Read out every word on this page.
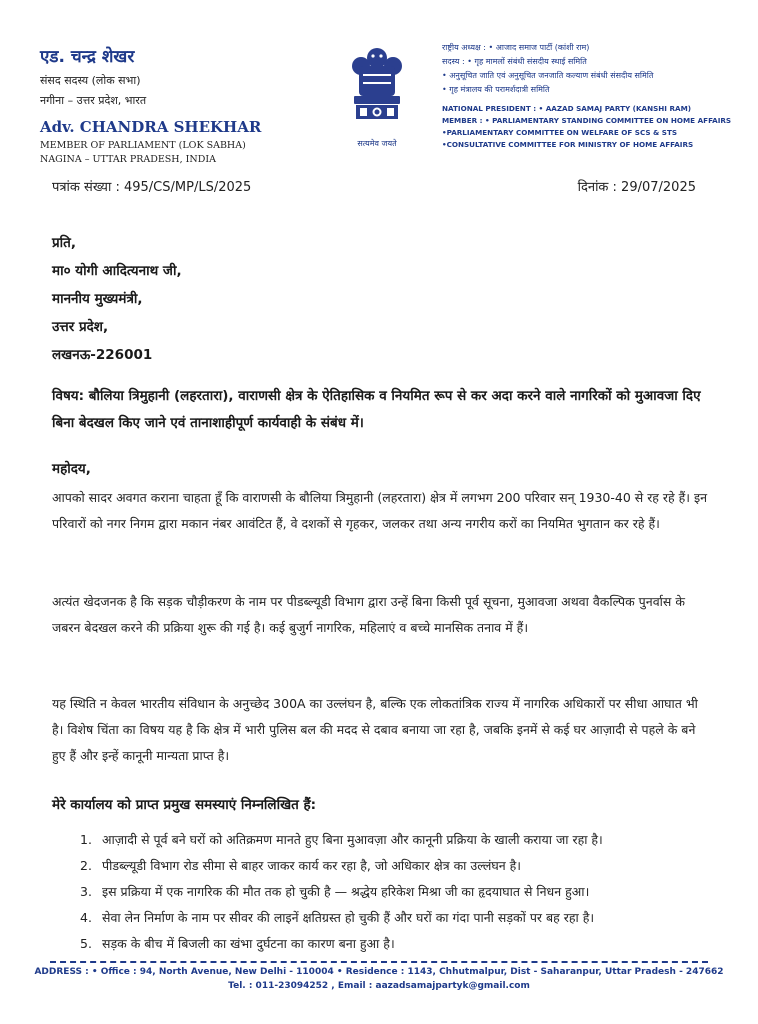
एड. चन्द्र शेखर
संसद सदस्य (लोक सभा)
नगीना – उत्तर प्रदेश, भारत
Adv. CHANDRA SHEKHAR
MEMBER OF PARLIAMENT (LOK SABHA)
NAGINA – UTTAR PRADESH, INDIA
सत्यमेव जयते
राष्ट्रीय अध्यक्ष : • आजाद समाज पार्टी (कांशी राम)
सदस्य : • गृह मामलों संबंधी संसदीय स्थाई समिति
• अनुसूचित जाति एवं अनुसूचित जनजाति कल्याण संबंधी संसदीय समिति
• गृह मंत्रालय की परामर्शदात्री समिति
NATIONAL PRESIDENT : • AAZAD SAMAJ PARTY (KANSHI RAM)
MEMBER : • PARLIAMENTARY STANDING COMMITTEE ON HOME AFFAIRS
•PARLIAMENTARY COMMITTEE ON WELFARE OF SCS & STS
•CONSULTATIVE COMMITTEE FOR MINISTRY OF HOME AFFAIRS
पत्रांक संख्या : 495/CS/MP/LS/2025	दिनांक : 29/07/2025
प्रति,
मा० योगी आदित्यनाथ जी,
माननीय मुख्यमंत्री,
उत्तर प्रदेश,
लखनऊ-226001
विषय: बौलिया त्रिमुहानी (लहरतारा), वाराणसी क्षेत्र के ऐतिहासिक व नियमित रूप से कर अदा करने वाले नागरिकों को मुआवजा दिए बिना बेदखल किए जाने एवं तानाशाहीपूर्ण कार्यवाही के संबंध में।
महोदय,
आपको सादर अवगत कराना चाहता हूँ कि वाराणसी के बौलिया त्रिमुहानी (लहरतारा) क्षेत्र में लगभग 200 परिवार सन् 1930-40 से रह रहे हैं। इन परिवारों को नगर निगम द्वारा मकान नंबर आवंटित हैं, वे दशकों से गृहकर, जलकर तथा अन्य नगरीय करों का नियमित भुगतान कर रहे हैं।
अत्यंत खेदजनक है कि सड़क चौड़ीकरण के नाम पर पीडब्ल्यूडी विभाग द्वारा उन्हें बिना किसी पूर्व सूचना, मुआवजा अथवा वैकल्पिक पुनर्वास के जबरन बेदखल करने की प्रक्रिया शुरू की गई है। कई बुजुर्ग नागरिक, महिलाएं व बच्चे मानसिक तनाव में हैं।
यह स्थिति न केवल भारतीय संविधान के अनुच्छेद 300A का उल्लंघन है, बल्कि एक लोकतांत्रिक राज्य में नागरिक अधिकारों पर सीधा आघात भी है। विशेष चिंता का विषय यह है कि क्षेत्र में भारी पुलिस बल की मदद से दबाव बनाया जा रहा है, जबकि इनमें से कई घर आज़ादी से पहले के बने हुए हैं और इन्हें कानूनी मान्यता प्राप्त है।
मेरे कार्यालय को प्राप्त प्रमुख समस्याएं निम्नलिखित हैं:
1. आज़ादी से पूर्व बने घरों को अतिक्रमण मानते हुए बिना मुआवज़ा और कानूनी प्रक्रिया के खाली कराया जा रहा है।
2. पीडब्ल्यूडी विभाग रोड सीमा से बाहर जाकर कार्य कर रहा है, जो अधिकार क्षेत्र का उल्लंघन है।
3. इस प्रक्रिया में एक नागरिक की मौत तक हो चुकी है — श्रद्धेय हरिकेश मिश्रा जी का हृदयाघात से निधन हुआ।
4. सेवा लेन निर्माण के नाम पर सीवर की लाइनें क्षतिग्रस्त हो चुकी हैं और घरों का गंदा पानी सड़कों पर बह रहा है।
5. सड़क के बीच में बिजली का खंभा दुर्घटना का कारण बना हुआ है।
ADDRESS : • Office : 94, North Avenue, New Delhi - 110004 • Residence : 1143, Chhutmalpur, Dist - Saharanpur, Uttar Pradesh - 247662
Tel. : 011-23094252 , Email : aazadsamajpartyk@gmail.com
